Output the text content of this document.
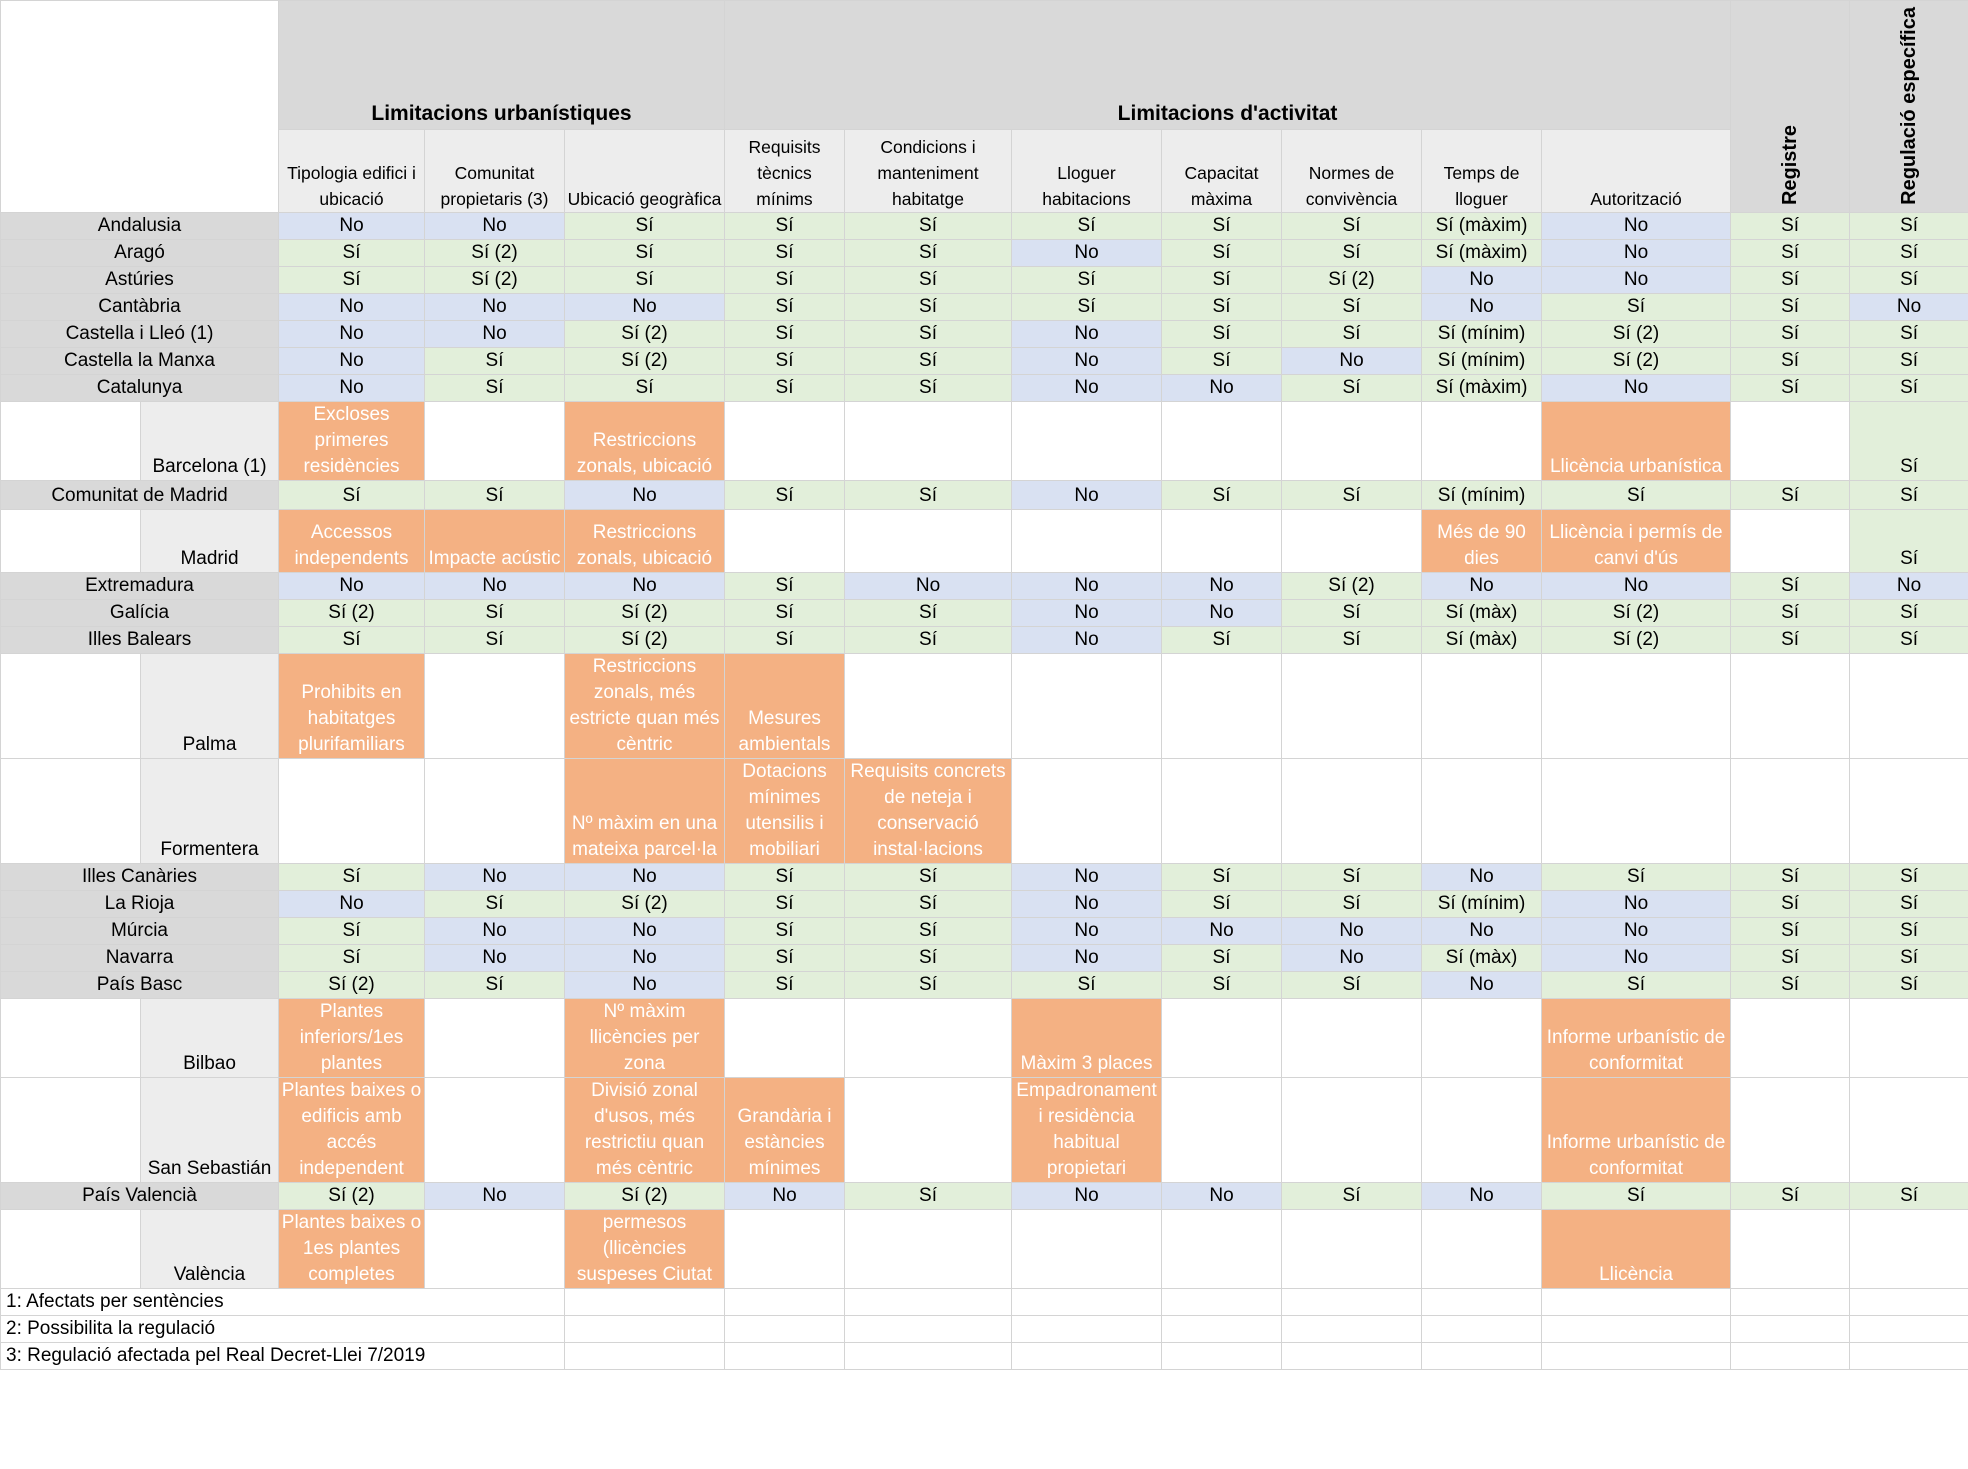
		Limitacions urbanístiques			Limitacions d'activitat							Registre	Regulació específica
		Tipologia edifici i ubicació	Comunitat propietaris (3)	Ubicació geogràfica	Requisits tècnics mínims	Condicions i manteniment habitatge	Lloguer habitacions	Capacitat màxima	Normes de convivència	Temps de lloguer	Autorització		
Andalusia		No	No	Sí	Sí	Sí	Sí	Sí	Sí	Sí (màxim)	No	Sí	Sí
Aragó		Sí	Sí (2)	Sí	Sí	Sí	No	Sí	Sí	Sí (màxim)	No	Sí	Sí
Astúries		Sí	Sí (2)	Sí	Sí	Sí	Sí	Sí	Sí (2)	No	No	Sí	Sí
Cantàbria		No	No	No	Sí	Sí	Sí	Sí	Sí	No	Sí	Sí	No
Castella i Lleó (1)		No	No	Sí (2)	Sí	Sí	No	Sí	Sí	Sí (mínim)	Sí (2)	Sí	Sí
Castella la Manxa		No	Sí	Sí (2)	Sí	Sí	No	Sí	No	Sí (mínim)	Sí (2)	Sí	Sí
Catalunya		No	Sí	Sí	Sí	Sí	No	No	Sí	Sí (màxim)	No	Sí	Sí
	Barcelona (1)	Excloses primeres residències		Restriccions zonals, ubicació							Llicència urbanística		Sí
Comunitat de Madrid		Sí	Sí	No	Sí	Sí	No	Sí	Sí	Sí (mínim)	Sí	Sí	Sí
	Madrid	Accessos independents	Impacte acústic	Restriccions zonals, ubicació						Més de 90 dies	Llicència i permís de canvi d'ús		Sí
Extremadura		No	No	No	Sí	No	No	No	Sí (2)	No	No	Sí	No
Galícia		Sí (2)	Sí	Sí (2)	Sí	Sí	No	No	Sí	Sí (màx)	Sí (2)	Sí	Sí
Illes Balears		Sí	Sí	Sí (2)	Sí	Sí	No	Sí	Sí	Sí (màx)	Sí (2)	Sí	Sí
	Palma	Prohibits en habitatges plurifamiliars		Restriccions zonals, més estricte quan més cèntric	Mesures ambientals								
	Formentera			Nº màxim en una mateixa parcel·la	Dotacions mínimes utensilis i mobiliari	Requisits concrets de neteja i conservació instal·lacions							
Illes Canàries		Sí	No	No	Sí	Sí	No	Sí	Sí	No	Sí	Sí	Sí
La Rioja		No	Sí	Sí (2)	Sí	Sí	No	Sí	Sí	Sí (mínim)	No	Sí	Sí
Múrcia		Sí	No	No	Sí	Sí	No	No	No	No	No	Sí	Sí
Navarra		Sí	No	No	Sí	Sí	No	Sí	No	Sí (màx)	No	Sí	Sí
País Basc		Sí (2)	Sí	No	Sí	Sí	Sí	Sí	Sí	No	Sí	Sí	Sí
	Bilbao	Plantes inferiors/1es plantes		Nº màxim llicències per zona			Màxim 3 places				Informe urbanístic de conformitat		
	San Sebastián	Plantes baixes o edificis amb accés independent		Divisió zonal d'usos, més restrictiu quan més cèntric	Grandària i estàncies mínimes		Empadronament i residència habitual propietari				Informe urbanístic de conformitat		
País Valencià		Sí (2)	No	Sí (2)	No	Sí	No	No	Sí	No	Sí	Sí	Sí
	València	Plantes baixes o 1es plantes completes		permesos (llicències suspeses Ciutat							Llicència		
1: Afectats per sentències													
2: Possibilita la regulació													
3: Regulació afectada pel Real Decret-Llei 7/2019													
